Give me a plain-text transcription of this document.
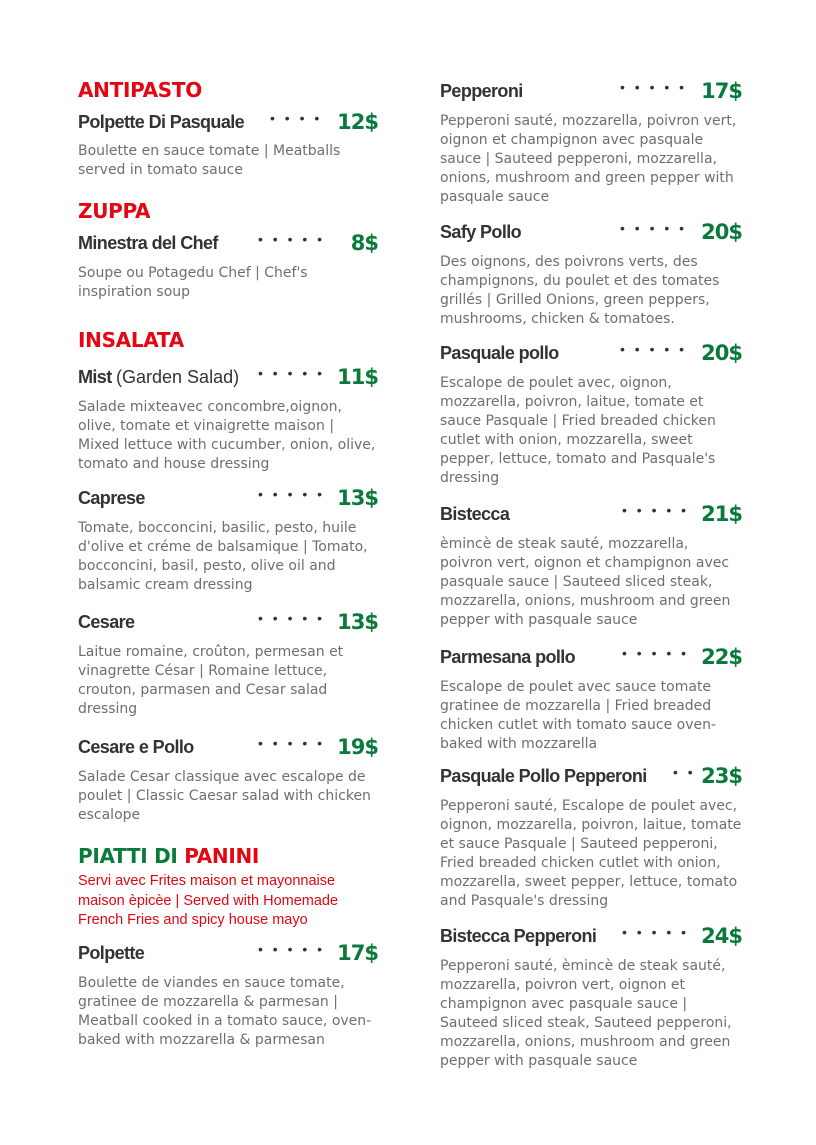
ANTIPASTO
Polpette Di Pasquale • • • • 12$

Boulette en sauce tomate | Meatballs served in tomato sauce

ZUPPA
Minestra del Chef	• • • • • 8$

Soupe ou Potagedu Chef | Chef's inspiration soup

INSALATA
Mist (Garden Salad) • • • • • 11$

Salade mixteavec concombre,oignon, olive, tomate et vinaigrette maison | Mixed lettuce with cucumber, onion, olive, tomato and house dressing

Caprese	• • • • • 13$

Tomate, bocconcini, basilic, pesto, huile d'olive et créme de balsamique | Tomato, bocconcini, basil, pesto, olive oil and balsamic cream dressing

Cesare	• • • • • 13$

Laitue romaine, croûton, permesan et vinagrette César | Romaine lettuce, crouton, parmasen and Cesar salad dressing

Cesare e Pollo	• • • • • 19$

Salade Cesar classique avec escalope de poulet | Classic Caesar salad with chicken escalope

PIATTI DI PANINI

Servi avec Frites maison et mayonnaise maison èpicèe | Served with Homemade French Fries and spicy house mayo

Polpette	• • • • • 17$

Boulette de viandes en sauce tomate, gratinee de mozzarella & parmesan | Meatball cooked in a tomato sauce, oven-baked with mozzarella & parmesan

Pepperoni	• • • • • 17$

Pepperoni sauté, mozzarella, poivron vert, oignon et champignon avec pasquale sauce | Sauteed pepperoni, mozzarella, onions, mushroom and green pepper with pasquale sauce

Safy Pollo	• • • • • 20$

Des oignons, des poivrons verts, des champignons, du poulet et des tomates grillés | Grilled Onions, green peppers, mushrooms, chicken & tomatoes.

Pasquale pollo	• • • • • 20$

Escalope de poulet avec, oignon, mozzarella, poivron, laitue, tomate et sauce Pasquale | Fried breaded chicken cutlet with onion, mozzarella, sweet pepper, lettuce, tomato and Pasquale's dressing

Bistecca	• • • • • 21$

èmincè de steak sauté, mozzarella, poivron vert, oignon et champignon avec pasquale sauce | Sauteed sliced steak, mozzarella, onions, mushroom and green pepper with pasquale sauce

Parmesana pollo	• • • • • 22$

Escalope de poulet avec sauce tomate gratinee de mozzarella | Fried breaded chicken cutlet with tomato sauce oven-baked with mozzarella

Pasquale Pollo Pepperoni • • 23$

Pepperoni sauté, Escalope de poulet avec, oignon, mozzarella, poivron, laitue, tomate et sauce Pasquale | Sauteed pepperoni, Fried breaded chicken cutlet with onion, mozzarella, sweet pepper, lettuce, tomato and Pasquale's dressing

Bistecca Pepperoni • • • • • 24$

Pepperoni sauté, èmincè de steak sauté, mozzarella, poivron vert, oignon et champignon avec pasquale sauce | Sauteed sliced steak, Sauteed pepperoni, mozzarella, onions, mushroom and green pepper with pasquale sauce
